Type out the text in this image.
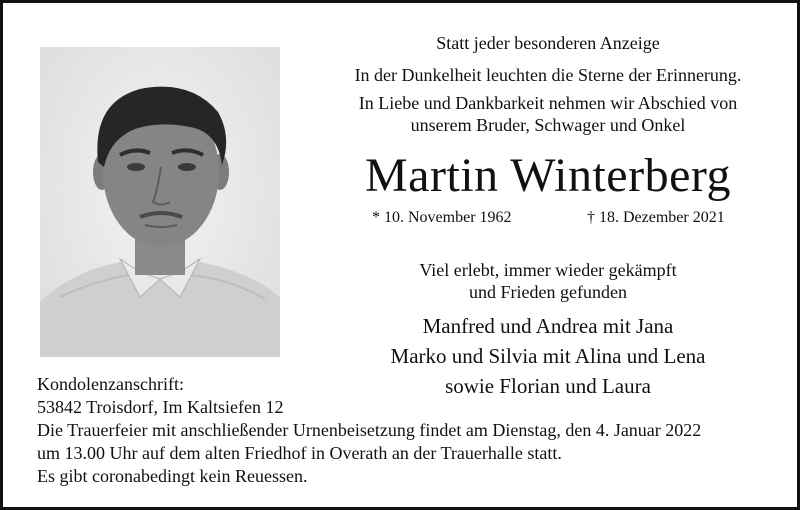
Statt jeder besonderen Anzeige
In der Dunkelheit leuchten die Sterne der Erinnerung.
In Liebe und Dankbarkeit nehmen wir Abschied von
unserem Bruder, Schwager und Onkel
Martin Winterberg
* 10. November 1962	† 18. Dezember 2021
Viel erlebt, immer wieder gekämpft
und Frieden gefunden
Manfred und Andrea mit Jana
Marko und Silvia mit Alina und Lena
sowie Florian und Laura
Kondolenzanschrift:
53842 Troisdorf, Im Kaltsiefen 12
Die Trauerfeier mit anschließender Urnenbeisetzung findet am Dienstag, den 4. Januar 2022
um 13.00 Uhr auf dem alten Friedhof in Overath an der Trauerhalle statt.
Es gibt coronabedingt kein Reuessen.
